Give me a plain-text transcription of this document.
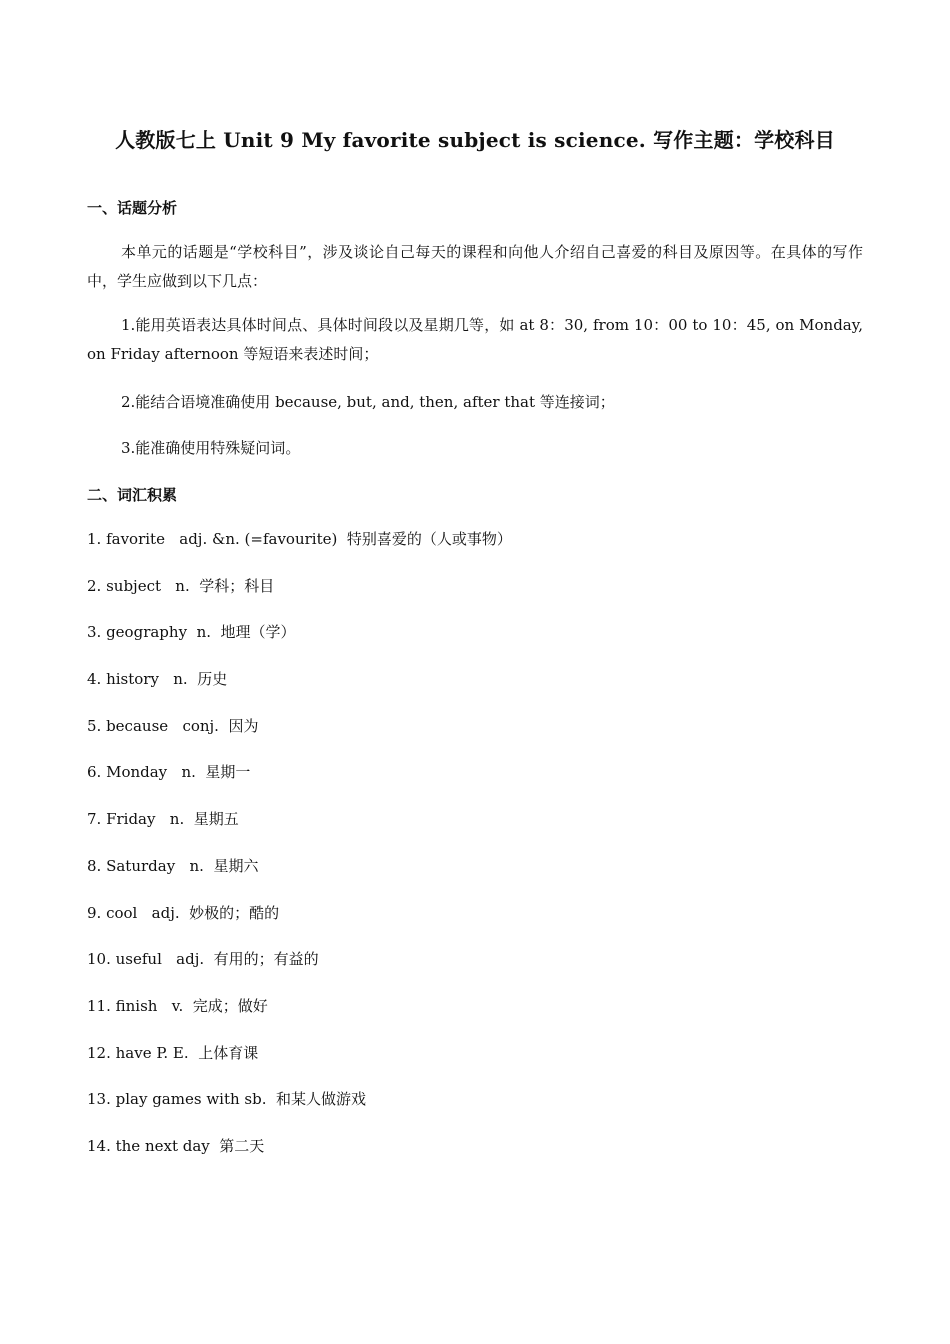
人教版七上 Unit 9 My favorite subject is science. 写作主题：学校科目
一、话题分析
本单元的话题是“学校科目”，涉及谈论自己每天的课程和向他人介绍自己喜爱的科目及原因等。在具体的写作中，学生应做到以下几点：
1.能用英语表达具体时间点、具体时间段以及星期几等，如 at 8：30, from 10：00 to 10：45, on Monday, on Friday afternoon 等短语来表述时间；
2.能结合语境准确使用 because, but, and, then, after that 等连接词；
3.能准确使用特殊疑问词。
二、词汇积累
1. favorite   adj. &n. (=favourite)  特别喜爱的（人或事物）
2. subject   n.  学科；科目
3. geography  n.  地理（学）
4. history   n.  历史
5. because   conj.  因为
6. Monday   n.  星期一
7. Friday   n.  星期五
8. Saturday   n.  星期六
9. cool   adj.  妙极的；酷的
10. useful   adj.  有用的；有益的
11. finish   v.  完成；做好
12. have P. E.  上体育课
13. play games with sb.  和某人做游戏
14. the next day  第二天
